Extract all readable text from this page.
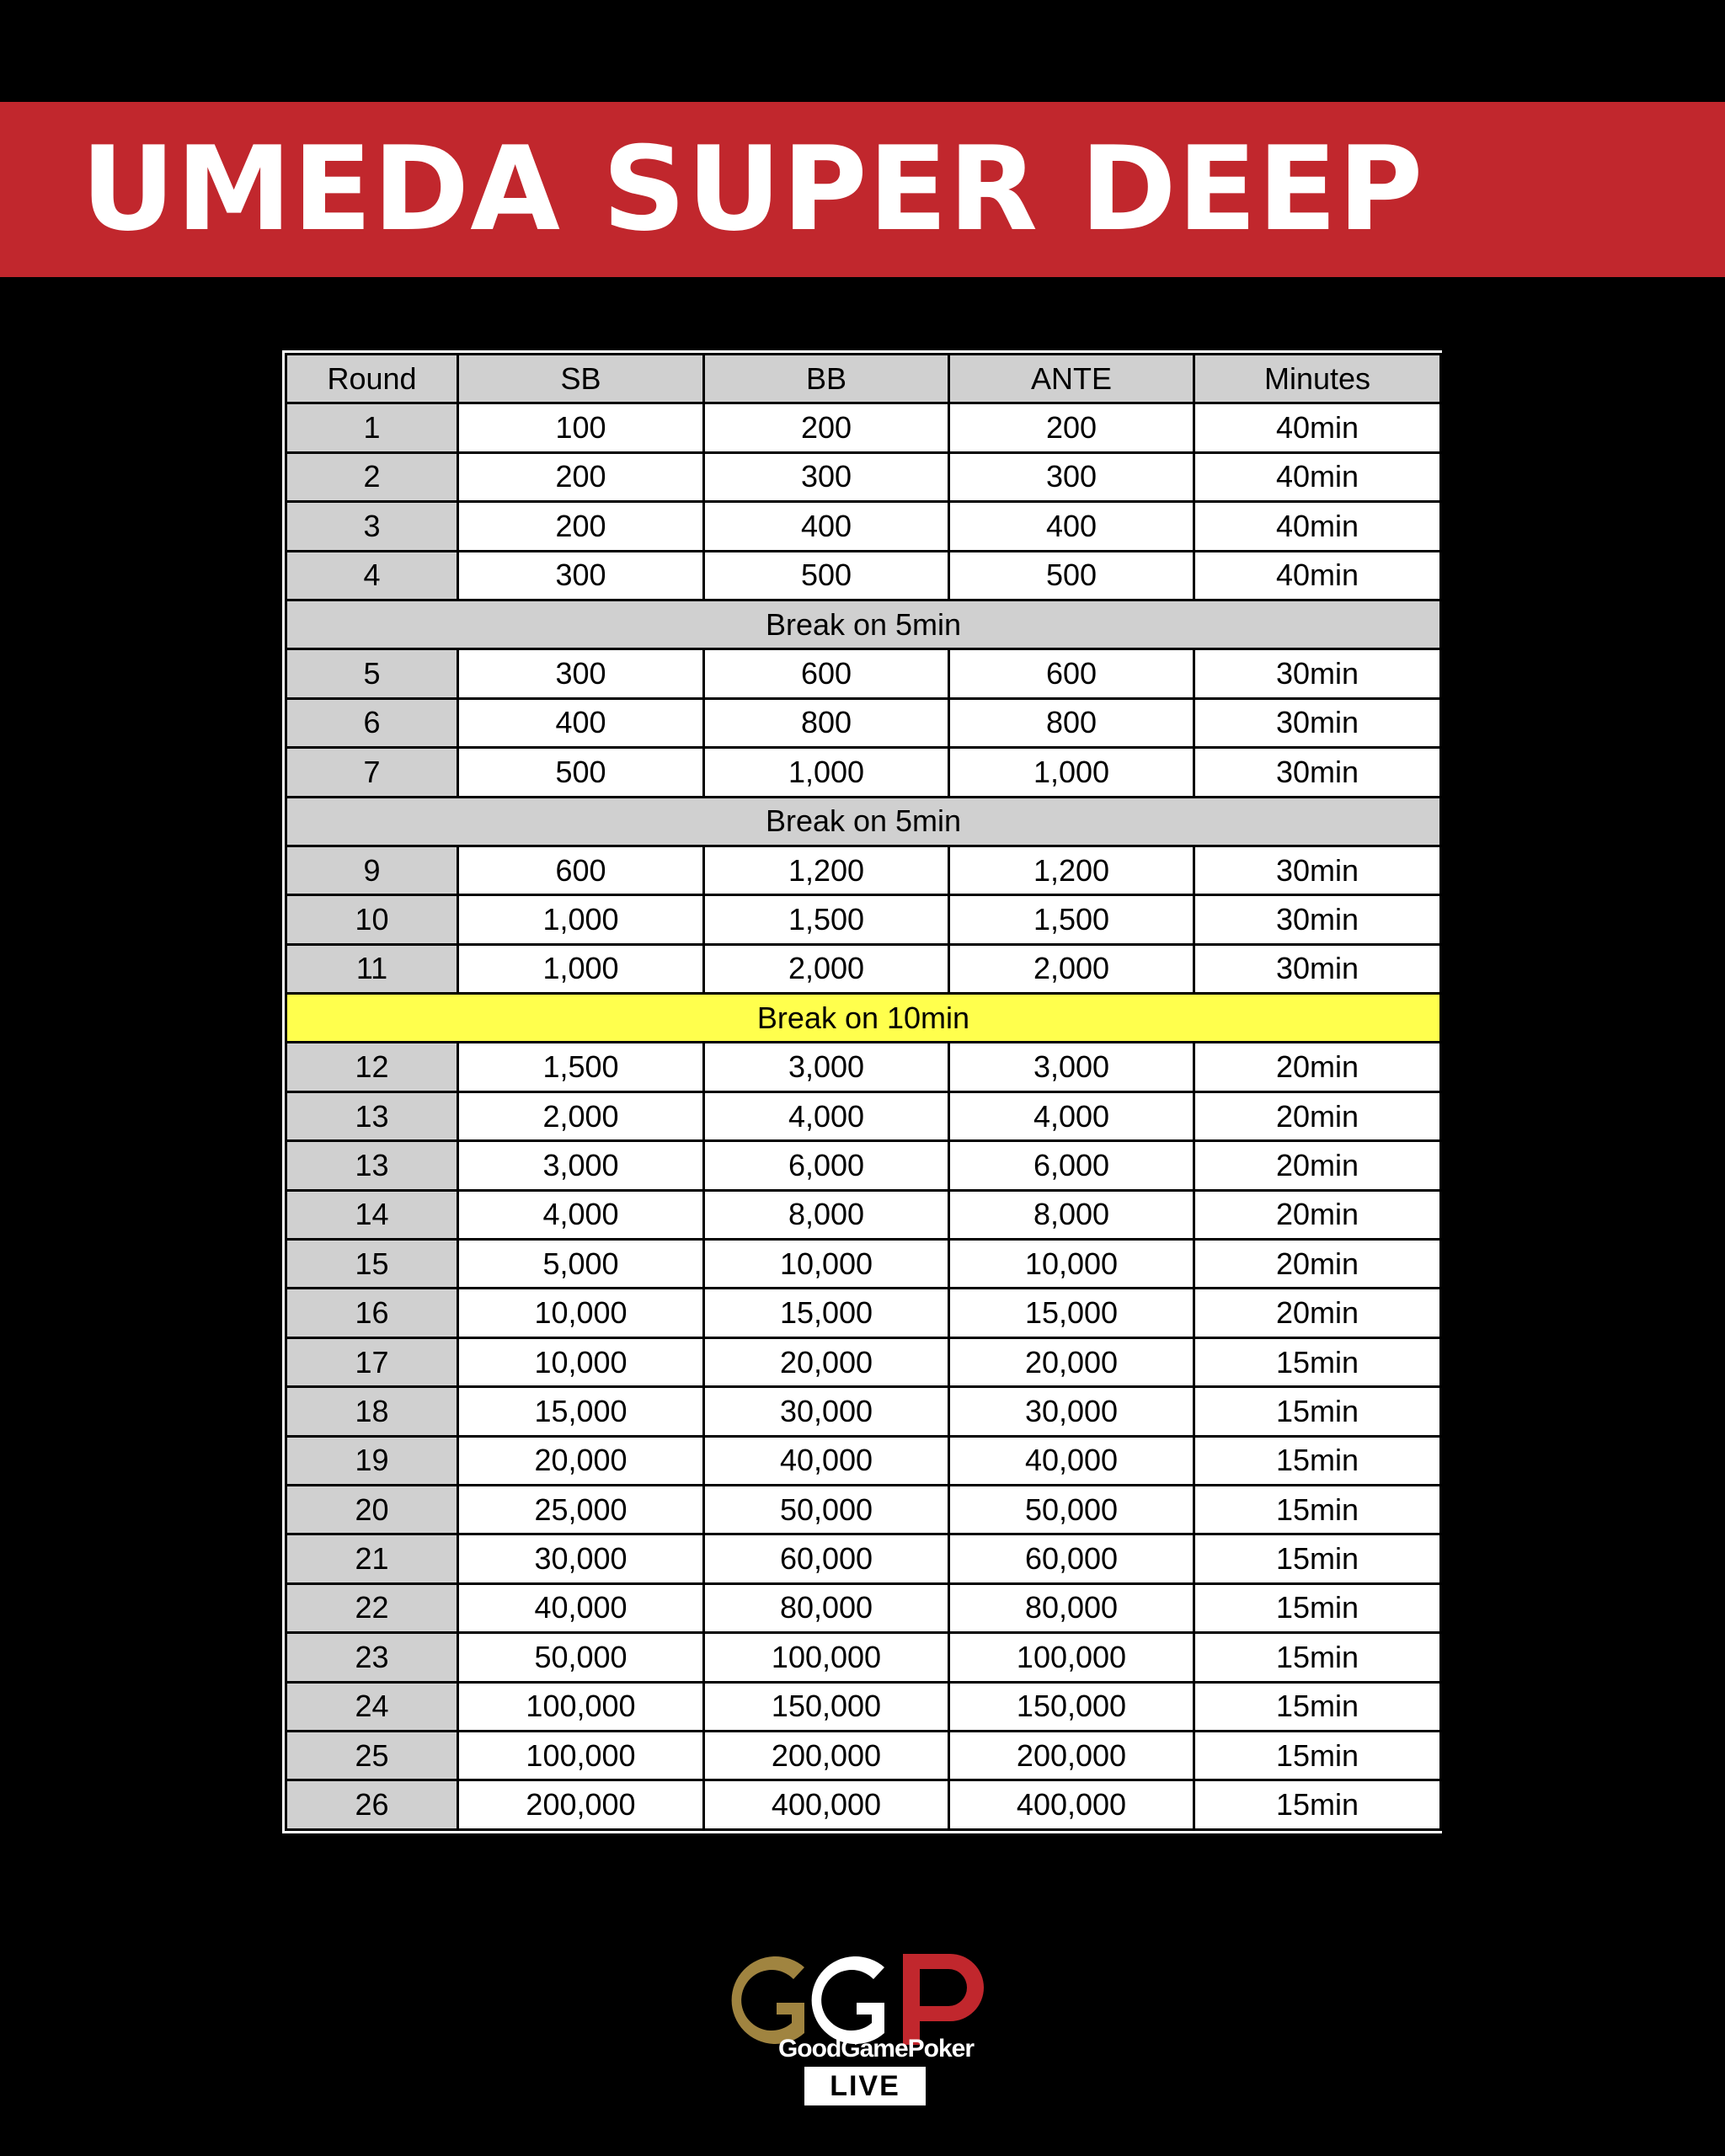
UMEDA SUPER DEEP
Round	SB	BB	ANTE	Minutes
1	100	200	200	40min
2	200	300	300	40min
3	200	400	400	40min
4	300	500	500	40min
Break on 5min				
5	300	600	600	30min
6	400	800	800	30min
7	500	1,000	1,000	30min
Break on 5min				
9	600	1,200	1,200	30min
10	1,000	1,500	1,500	30min
11	1,000	2,000	2,000	30min
Break on 10min				
12	1,500	3,000	3,000	20min
13	2,000	4,000	4,000	20min
13	3,000	6,000	6,000	20min
14	4,000	8,000	8,000	20min
15	5,000	10,000	10,000	20min
16	10,000	15,000	15,000	20min
17	10,000	20,000	20,000	15min
18	15,000	30,000	30,000	15min
19	20,000	40,000	40,000	15min
20	25,000	50,000	50,000	15min
21	30,000	60,000	60,000	15min
22	40,000	80,000	80,000	15min
23	50,000	100,000	100,000	15min
24	100,000	150,000	150,000	15min
25	100,000	200,000	200,000	15min
26	200,000	400,000	400,000	15min
GoodGamePoker
LIVE
